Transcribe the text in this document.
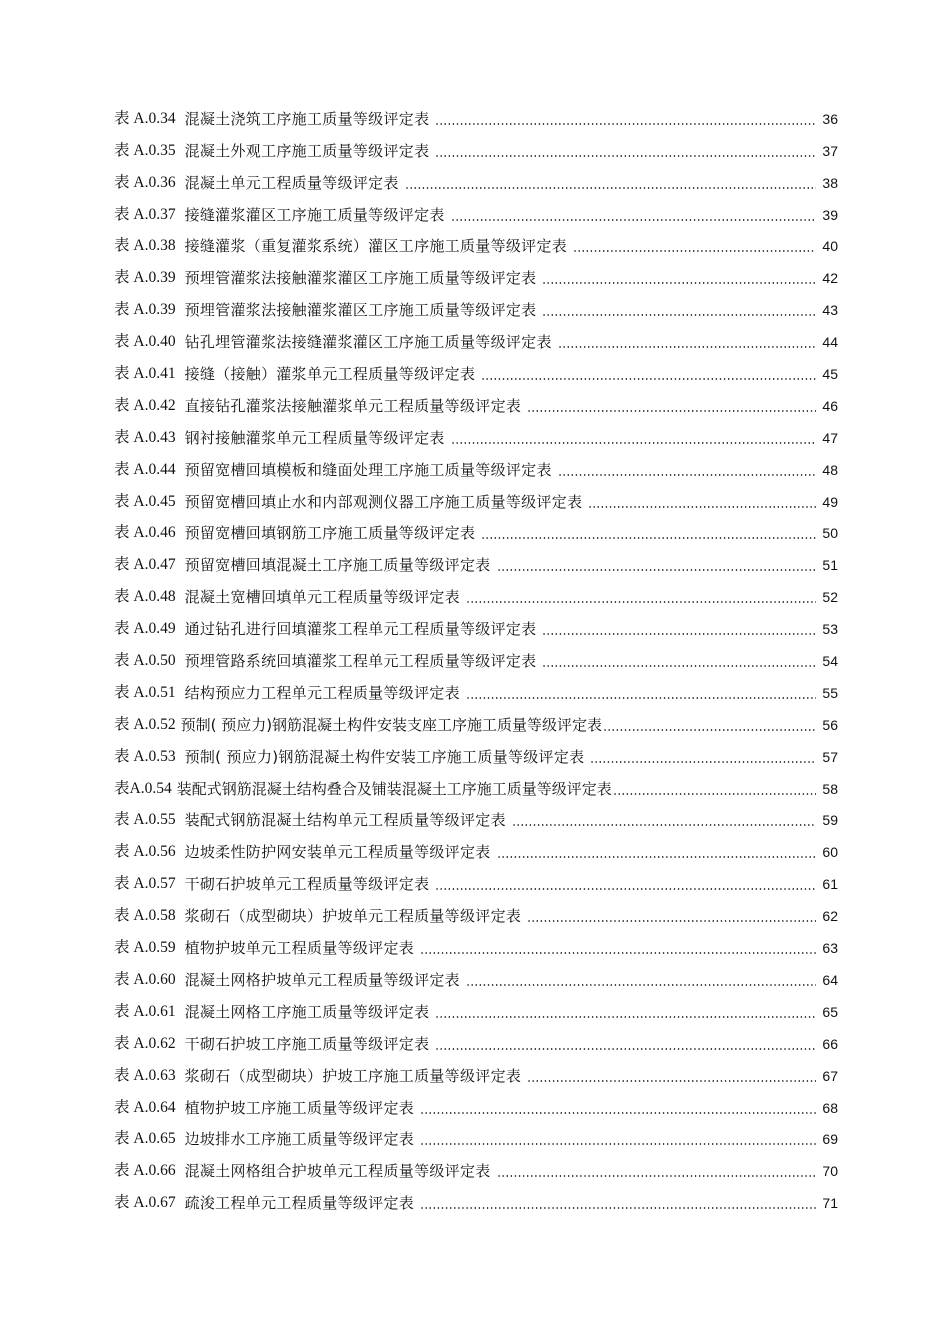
表 A.0.34 混凝土浇筑工序施工质量等级评定表	36
表 A.0.35 混凝土外观工序施工质量等级评定表	37
表 A.0.36 混凝土单元工程质量等级评定表	38
表 A.0.37 接缝灌浆灌区工序施工质量等级评定表	39
表 A.0.38 接缝灌浆（重复灌浆系统）灌区工序施工质量等级评定表	40
表 A.0.39 预埋管灌浆法接触灌浆灌区工序施工质量等级评定表	42
表 A.0.39 预埋管灌浆法接触灌浆灌区工序施工质量等级评定表	43
表 A.0.40 钻孔埋管灌浆法接缝灌浆灌区工序施工质量等级评定表	44
表 A.0.41 接缝（接触）灌浆单元工程质量等级评定表	45
表 A.0.42 直接钻孔灌浆法接触灌浆单元工程质量等级评定表	46
表 A.0.43 钢衬接触灌浆单元工程质量等级评定表	47
表 A.0.44 预留宽槽回填模板和缝面处理工序施工质量等级评定表	48
表 A.0.45 预留宽槽回填止水和内部观测仪器工序施工质量等级评定表	49
表 A.0.46 预留宽槽回填钢筋工序施工质量等级评定表	50
表 A.0.47 预留宽槽回填混凝土工序施工质量等级评定表	51
表 A.0.48 混凝土宽槽回填单元工程质量等级评定表	52
表 A.0.49 通过钻孔进行回填灌浆工程单元工程质量等级评定表	53
表 A.0.50 预埋管路系统回填灌浆工程单元工程质量等级评定表	54
表 A.0.51 结构预应力工程单元工程质量等级评定表	55
表 A.0.52 预制( 预应力)钢筋混凝土构件安装支座工序施工质量等级评定表	56
表 A.0.53 预制( 预应力)钢筋混凝土构件安装工序施工质量等级评定表	57
表A.0.54 装配式钢筋混凝土结构叠合及铺装混凝土工序施工质量等级评定表	58
表 A.0.55 装配式钢筋混凝土结构单元工程质量等级评定表	59
表 A.0.56 边坡柔性防护网安装单元工程质量等级评定表	60
表 A.0.57 干砌石护坡单元工程质量等级评定表	61
表 A.0.58 浆砌石（成型砌块）护坡单元工程质量等级评定表	62
表 A.0.59 植物护坡单元工程质量等级评定表	63
表 A.0.60 混凝土网格护坡单元工程质量等级评定表	64
表 A.0.61 混凝土网格工序施工质量等级评定表	65
表 A.0.62 干砌石护坡工序施工质量等级评定表	66
表 A.0.63 浆砌石（成型砌块）护坡工序施工质量等级评定表	67
表 A.0.64 植物护坡工序施工质量等级评定表	68
表 A.0.65 边坡排水工序施工质量等级评定表	69
表 A.0.66 混凝土网格组合护坡单元工程质量等级评定表	70
表 A.0.67 疏浚工程单元工程质量等级评定表	71
